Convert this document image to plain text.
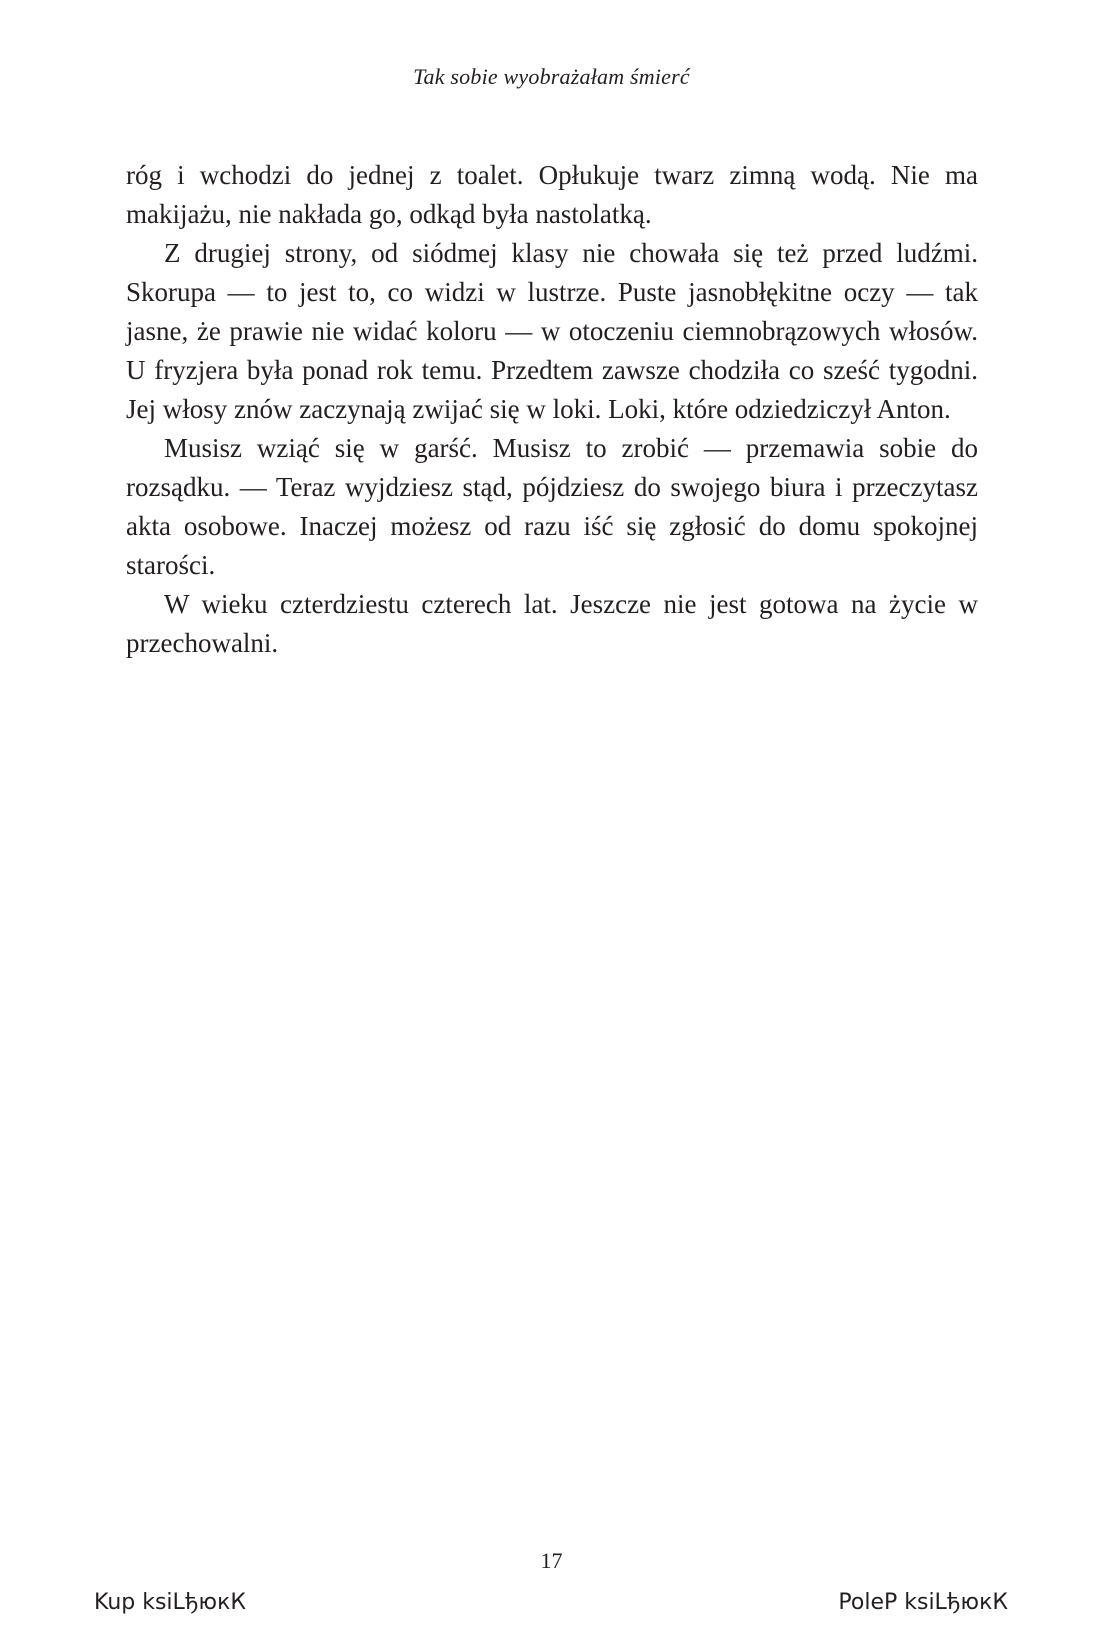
Tak sobie wyobrażałam śmierć

róg i wchodzi do jednej z toalet. Opłukuje twarz zimną wodą. Nie ma makijażu, nie nakłada go, odkąd była nastolatką.

Z drugiej strony, od siódmej klasy nie chowała się też przed ludźmi. Skorupa — to jest to, co widzi w lustrze. Puste jasnobłękitne oczy — tak jasne, że prawie nie widać koloru — w otoczeniu ciemnobrązowych włosów. U fryzjera była ponad rok temu. Przedtem zawsze chodziła co sześć tygodni. Jej włosy znów zaczynają zwijać się w loki. Loki, które odziedziczył Anton.

Musisz wziąć się w garść. Musisz to zrobić — przemawia sobie do rozsądku. — Teraz wyjdziesz stąd, pójdziesz do swojego biura i przeczytasz akta osobowe. Inaczej możesz od razu iść się zgłosić do domu spokojnej starości.

W wieku czterdziestu czterech lat. Jeszcze nie jest gotowa na życie w przechowalni.

17
Kup ksiLђюкК	PoleP ksiLђюкК
